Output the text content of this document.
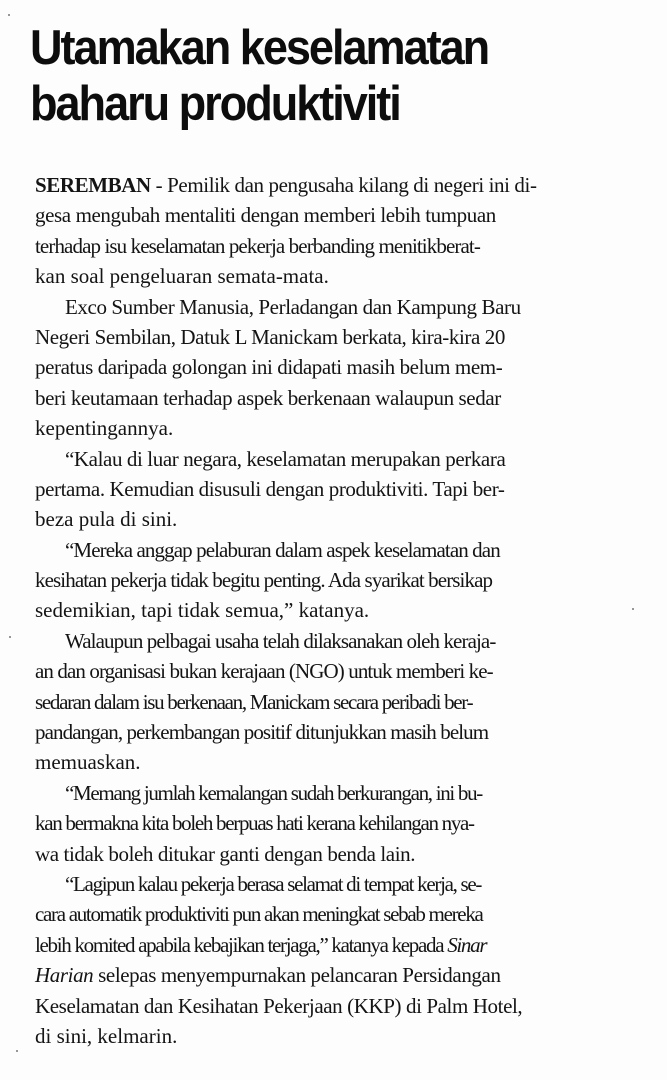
Utamakan keselamatan
baharu produktiviti
SEREMBAN - Pemilik dan pengusaha kilang di negeri ini di-
gesa mengubah mentaliti dengan memberi lebih tumpuan
terhadap isu keselamatan pekerja berbanding menitikberat-
kan soal pengeluaran semata-mata.
Exco Sumber Manusia, Perladangan dan Kampung Baru
Negeri Sembilan, Datuk L Manickam berkata, kira-kira 20
peratus daripada golongan ini didapati masih belum mem-
beri keutamaan terhadap aspek berkenaan walaupun sedar
kepentingannya.
“Kalau di luar negara, keselamatan merupakan perkara
pertama. Kemudian disusuli dengan produktiviti. Tapi ber-
beza pula di sini.
“Mereka anggap pelaburan dalam aspek keselamatan dan
kesihatan pekerja tidak begitu penting. Ada syarikat bersikap
sedemikian, tapi tidak semua,” katanya.
Walaupun pelbagai usaha telah dilaksanakan oleh keraja-
an dan organisasi bukan kerajaan (NGO) untuk memberi ke-
sedaran dalam isu berkenaan, Manickam secara peribadi ber-
pandangan, perkembangan positif ditunjukkan masih belum
memuaskan.
“Memang jumlah kemalangan sudah berkurangan, ini bu-
kan bermakna kita boleh berpuas hati kerana kehilangan nya-
wa tidak boleh ditukar ganti dengan benda lain.
“Lagipun kalau pekerja berasa selamat di tempat kerja, se-
cara automatik produktiviti pun akan meningkat sebab mereka
lebih komited apabila kebajikan terjaga,” katanya kepada Sinar
Harian selepas menyempurnakan pelancaran Persidangan
Keselamatan dan Kesihatan Pekerjaan (KKP) di Palm Hotel,
di sini, kelmarin.
